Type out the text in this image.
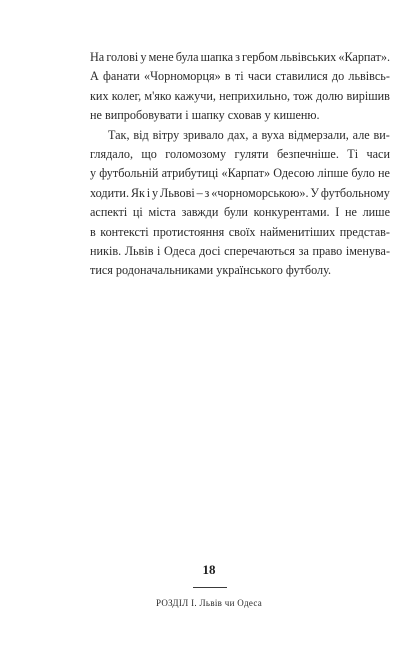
На голові у мене була шапка з гербом львівських «Карпат».
А фанати «Чорноморця» в ті часи ставилися до львівсь-
ких колег, м'яко кажучи, неприхильно, тож долю вирішив
не випробовувати і шапку сховав у кишеню.
Так, від вітру зривало дах, а вуха відмерзали, але ви-
глядало, що голомозому гуляти безпечніше. Ті часи
у футбольній атрибутиці «Карпат» Одесою ліпше було не
ходити. Як і у Львові – з «чорноморською». У футбольному
аспекті ці міста завжди були конкурентами. І не лише
в контексті протистояння своїх найменитіших представ-
ників. Львів і Одеса досі сперечаються за право іменува-
тися родоначальниками українського футболу.
18
РОЗДІЛ І. Львів чи Одеса
